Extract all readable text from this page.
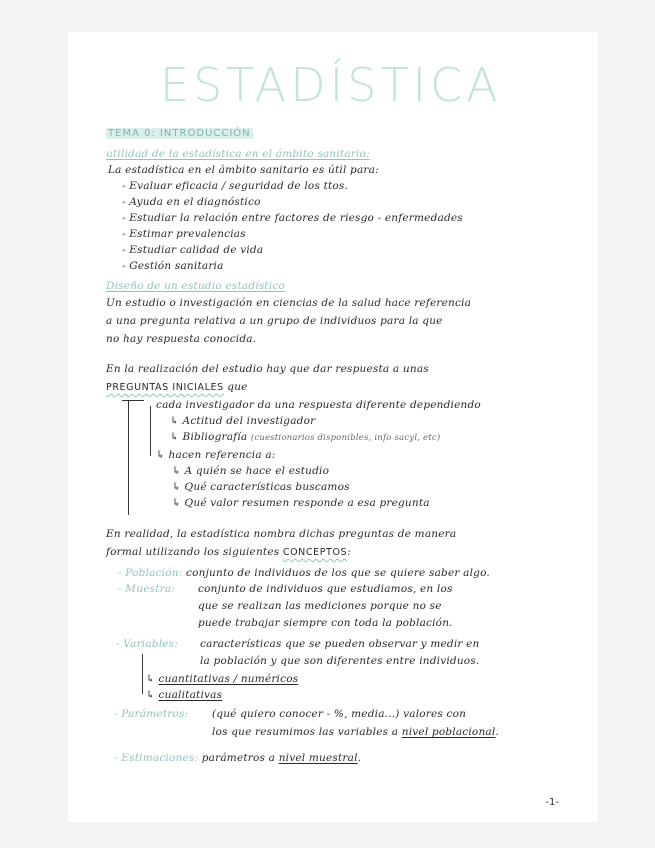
ESTADÍSTICA
TEMA 0: INTRODUCCIÓN
utilidad de la estadística en el ámbito sanitario:
La estadística en el ámbito sanitario es útil para:
- Evaluar eficacia / seguridad de los ttos.
- Ayuda en el diagnóstico
- Estudiar la relación entre factores de riesgo - enfermedades
- Estimar prevalencias
- Estudiar calidad de vida
- Gestión sanitaria
Diseño de un estudio estadístico
Un estudio o investigación en ciencias de la salud hace referencia
a una pregunta relativa a un grupo de individuos para la que
no hay respuesta conocida.
En la realización del estudio hay que dar respuesta a unas
PREGUNTAS INICIALES que
cada investigador da una respuesta diferente dependiendo
↳ Actitud del investigador
↳ Bibliografía (cuestionarios disponibles, info sacyl, etc)
↳ hacen referencia a:
↳ A quién se hace el estudio
↳ Qué características buscamos
↳ Qué valor resumen responde a esa pregunta
En realidad, la estadística nombra dichas preguntas de manera
formal utilizando los siguientes CONCEPTOS:
- Población: conjunto de individuos de los que se quiere saber algo.
- Muestra: conjunto de individuos que estudiamos, en los
que se realizan las mediciones porque no se
puede trabajar siempre con toda la población.
- Variables: características que se pueden observar y medir en
la población y que son diferentes entre individuos.
↳ cuantitativas / numéricos
↳ cualitativas
- Parámetros: (qué quiero conocer - %, media...) valores con
los que resumimos las variables a nivel poblacional.
- Estimaciones: parámetros a nivel muestral.
-1-
